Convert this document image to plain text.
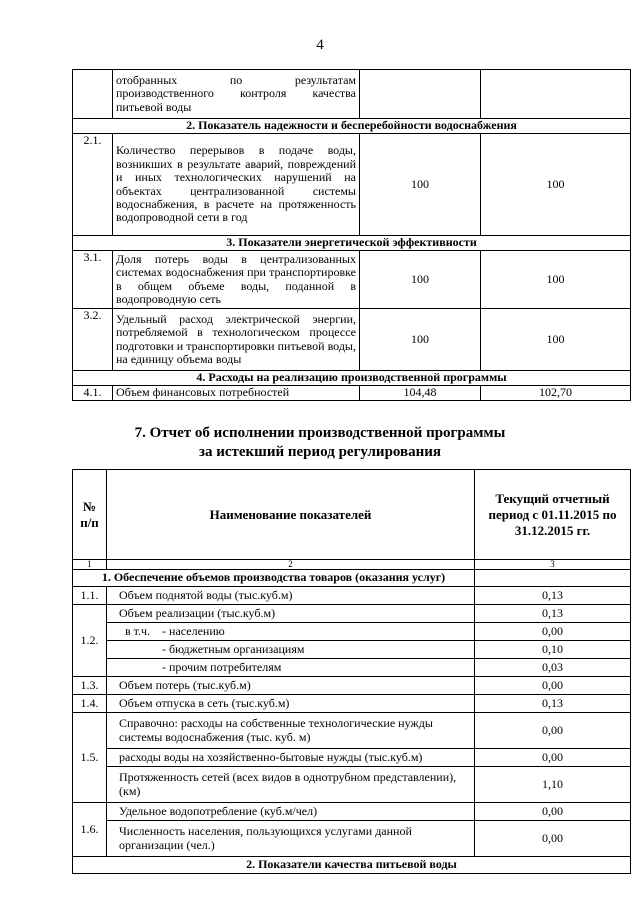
4
	отобранных по результатам производственного контроля качества питьевой воды		
2. Показатель надежности и бесперебойности водоснабжения			
2.1.	Количество перерывов в подаче воды, возникших в результате аварий, повреждений и иных технологических нарушений на объектах централизованной системы водоснабжения, в расчете на протяженность водопроводной сети в год	100	100
3. Показатели энергетической эффективности			
3.1.	Доля потерь воды в централизованных системах водоснабжения при транспортировке в общем объеме воды, поданной в водопроводную сеть	100	100
3.2.	Удельный расход электрической энергии, потребляемой в технологическом процессе подготовки и транспортировки питьевой воды, на единицу объема воды	100	100
4. Расходы на реализацию производственной программы			
4.1.	Объем финансовых потребностей	104,48	102,70
7. Отчет об исполнении производственной программы
за истекший период регулирования
№ п/п	Наименование показателей	Текущий отчетный период с 01.11.2015 по 31.12.2015 гг.
1	2	3
1. Обеспечение объемов производства товаров (оказания услуг)		
1.1.	Объем поднятой воды (тыс.куб.м)	0,13
1.2.	Объем реализации (тыс.куб.м)	0,13
	в т.ч.    - населению	0,00
	- бюджетным организациям	0,10
	- прочим потребителям	0,03
1.3.	Объем потерь (тыс.куб.м)	0,00
1.4.	Объем отпуска в сеть (тыс.куб.м)	0,13
1.5.	Справочно: расходы на собственные технологические нужды системы водоснабжения (тыс. куб. м)	0,00
	расходы воды на хозяйственно-бытовые нужды (тыс.куб.м)	0,00
	Протяженность сетей (всех видов в однотрубном представлении), (км)	1,10
1.6.	Удельное водопотребление (куб.м/чел)	0,00
	Численность населения, пользующихся услугами данной организации (чел.)	0,00
2. Показатели качества питьевой воды		
